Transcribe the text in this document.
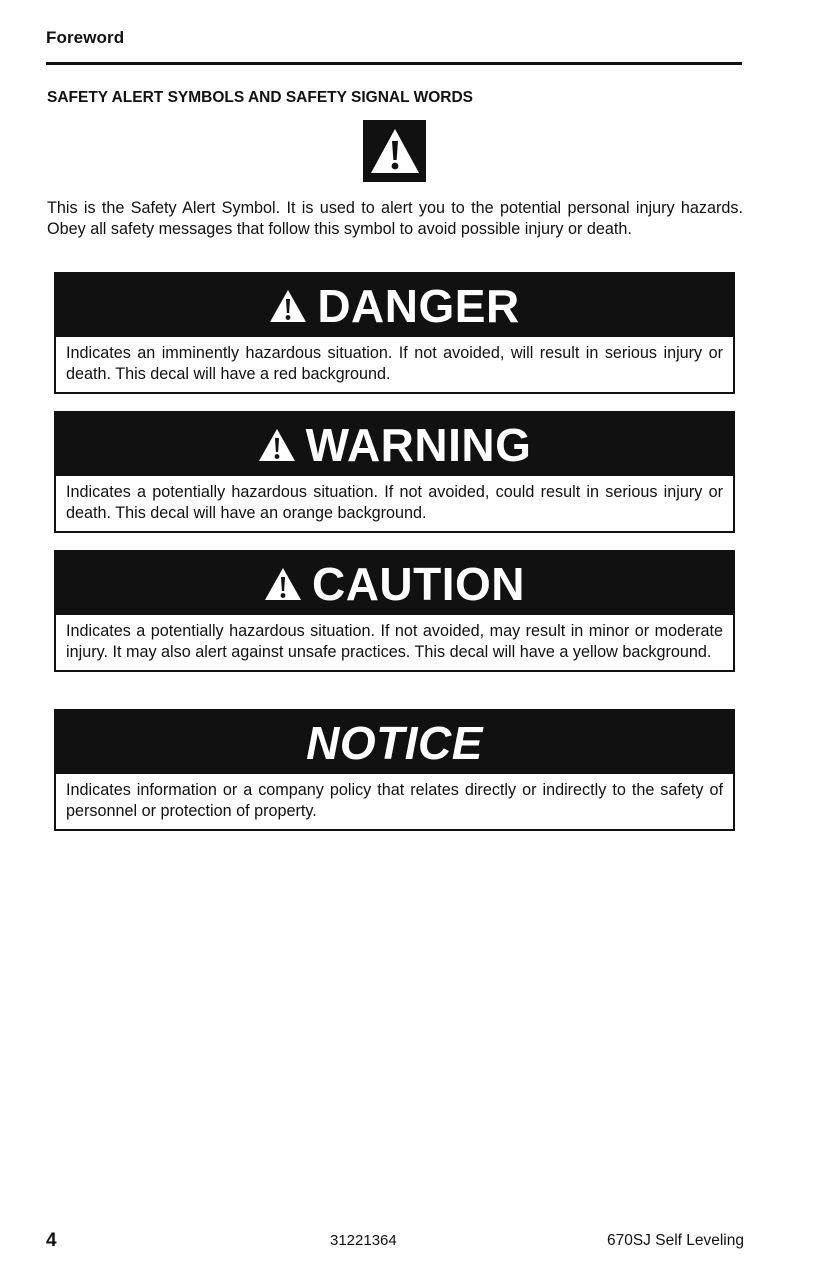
Foreword
SAFETY ALERT SYMBOLS AND SAFETY SIGNAL WORDS

This is the Safety Alert Symbol. It is used to alert you to the potential personal injury hazards. Obey all safety messages that follow this symbol to avoid possible injury or death.

DANGER

Indicates an imminently hazardous situation. If not avoided, will result in serious injury or death. This decal will have a red background.

WARNING

Indicates a potentially hazardous situation. If not avoided, could result in serious injury or death. This decal will have an orange background.

CAUTION

Indicates a potentially hazardous situation. If not avoided, may result in minor or moderate injury. It may also alert against unsafe practices. This decal will have a yellow background.

NOTICE

Indicates information or a company policy that relates directly or indirectly to the safety of personnel or protection of property.

4	31221364	670SJ Self Leveling
